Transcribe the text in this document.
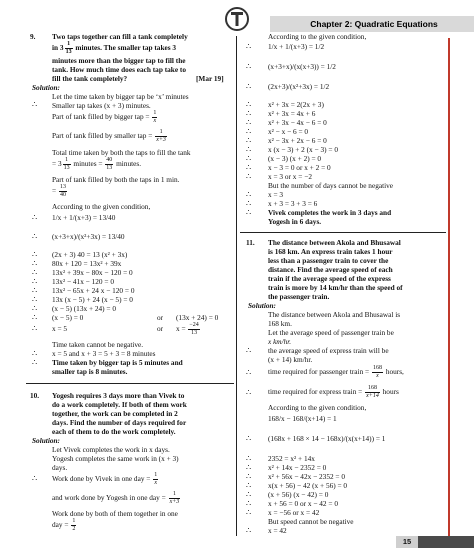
Chapter 2: Quadratic Equations
9. Two taps together can fill a tank completely
in $3 \frac{1}{13}$ minutes. The smaller tap takes 3
minutes more than the bigger tap to fill the
tank. How much time does each tap take to
fill the tank completely?	[Mar 19]
Solution:
Let the time taken by bigger tap be ‘x’ minutes
∴ Smaller tap takes (x + 3) minutes.
Part of tank filled by bigger tap = $\frac{1}{x}$
Part of tank filled by smaller tap = $\frac{1}{x+3}$
Total time taken by both the taps to fill the tank
= $3 \frac{1}{13}$ minutes = $\frac{40}{13}$ minutes.
Part of tank filled by both the taps in 1 min.
= $\frac{13}{40}$
According to the given condition,
∴ 1/x + 1/(x+3) = 13/40
∴ (x+3+x)/(x²+3x) = 13/40
∴ (2x + 3) 40 = 13 (x² + 3x)
∴ 80x + 120 = 13x² + 39x
∴ 13x² + 39x − 80x − 120 = 0
∴ 13x² − 41x − 120 = 0
∴ 13x² − 65x + 24 x − 120 = 0
∴ 13x (x − 5) + 24 (x − 5) = 0
∴ (x − 5) (13x + 24) = 0
∴ (x − 5) = 0	or (13x + 24) = 0
∴ x = 5	or $x = \frac{-24}{13}$
Time taken cannot be negative.
∴ x = 5 and x + 3 = 5 + 3 = 8 minutes
∴ Time taken by bigger tap is 5 minutes and
smaller tap is 8 minutes.
10. Yogesh requires 3 days more than Vivek to
do a work completely. If both of them work
together, the work can be completed in 2
days. Find the number of days required for
each of them to do the work completely.
Solution:
Let Vivek completes the work in x days.
Yogesh completes the same work in (x + 3)
days.
∴ Work done by Vivek in one day = $\frac{1}{x}$
and work done by Yogesh in one day = $\frac{1}{x+3}$
Work done by both of them together in one
day = $\frac{1}{2}$
According to the given condition,
∴ 1/x + 1/(x+3) = 1/2
∴ (x+3+x)/(x(x+3)) = 1/2
∴ (2x+3)/(x²+3x) = 1/2
∴ x² + 3x = 2(2x + 3)
∴ x² + 3x = 4x + 6
∴ x² + 3x − 4x − 6 = 0
∴ x² − x − 6 = 0
∴ x² − 3x + 2x − 6 = 0
∴ x (x − 3) + 2 (x − 3) = 0
∴ (x − 3) (x + 2) = 0
∴ x − 3 = 0 or x + 2 = 0
∴ x = 3 or x = −2
But the number of days cannot be negative
∴ x = 3
∴ x + 3 = 3 + 3 = 6
∴ Vivek completes the work in 3 days and
Yogesh in 6 days.
11. The distance between Akola and Bhusawal
is 168 km. An express train takes 1 hour
less than a passenger train to cover the
distance. Find the average speed of each
train if the average speed of the express
train is more by 14 km/hr than the speed of
the passenger train.
Solution:
The distance between Akola and Bhusawal is
168 km.
Let the average speed of passenger train be
x km/hr.
∴ the average speed of express train will be
(x + 14) km/hr.
∴ time required for passenger train = $\frac{168}{x}$ hours,
∴ time required for express train = $\frac{168}{x+14}$ hours
According to the given condition,
168/x − 168/(x+14) = 1
∴ (168x + 168 × 14 − 168x)/(x(x+14)) = 1
∴ 2352 = x² + 14x
∴ x² + 14x − 2352 = 0
∴ x² + 56x − 42x − 2352 = 0
∴ x(x + 56) − 42 (x + 56) = 0
∴ (x + 56) (x − 42) = 0
∴ x + 56 = 0 or x − 42 = 0
∴ x = −56 or x = 42
But speed cannot be negative
∴ x = 42
15
